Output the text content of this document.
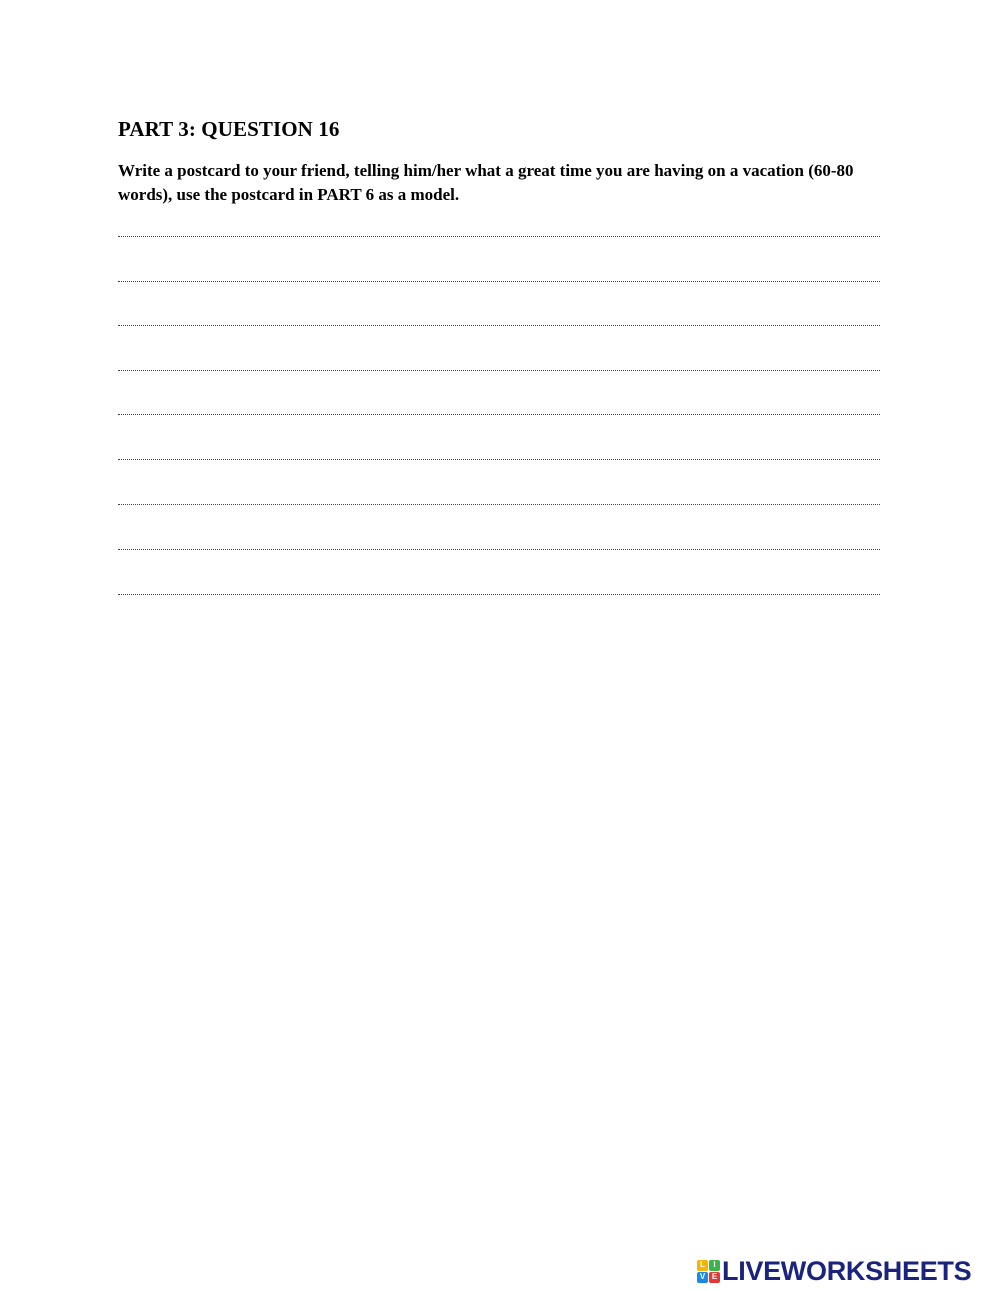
PART 3: QUESTION 16
Write a postcard to your friend, telling him/her what a great time you are having on a vacation (60-80 words), use the postcard in PART 6 as a model.
L	I
V E LIVEWORKSHEETS
